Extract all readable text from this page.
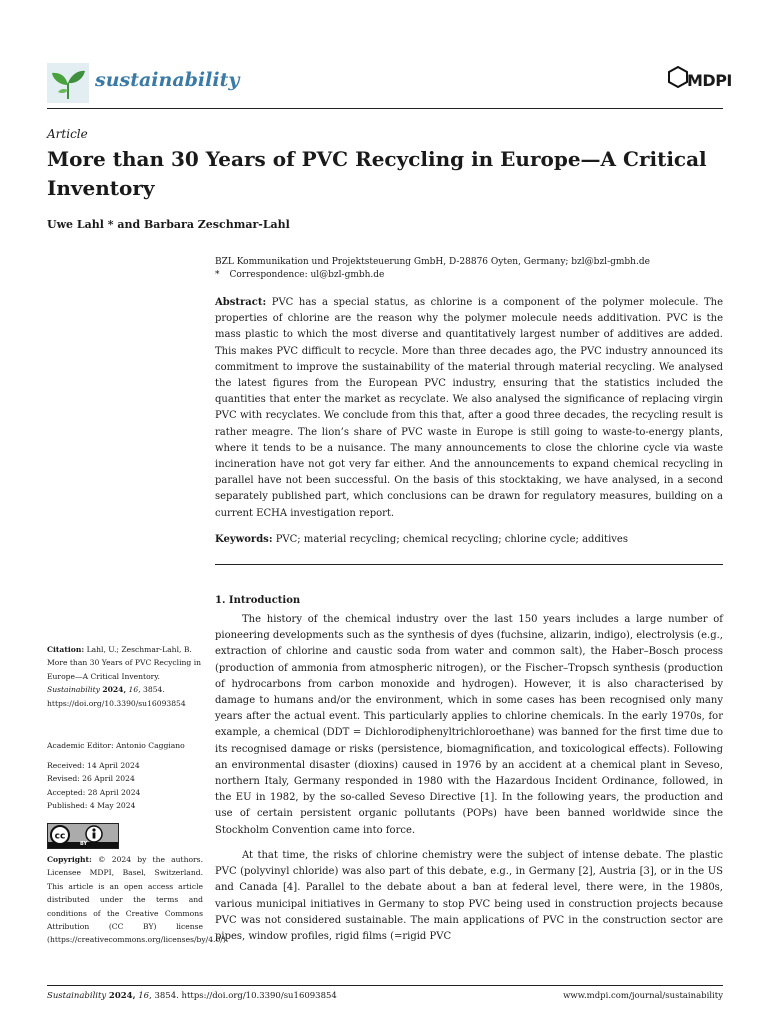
sustainability	MDPI
Article
More than 30 Years of PVC Recycling in Europe—A Critical Inventory
Uwe Lahl * and Barbara Zeschmar-Lahl
BZL Kommunikation und Projektsteuerung GmbH, D-28876 Oyten, Germany; bzl@bzl-gmbh.de
* Correspondence: ul@bzl-gmbh.de
Abstract: PVC has a special status, as chlorine is a component of the polymer molecule. The properties of chlorine are the reason why the polymer molecule needs additivation. PVC is the mass plastic to which the most diverse and quantitatively largest number of additives are added. This makes PVC difficult to recycle. More than three decades ago, the PVC industry announced its commitment to improve the sustainability of the material through material recycling. We analysed the latest figures from the European PVC industry, ensuring that the statistics included the quantities that enter the market as recyclate. We also analysed the significance of replacing virgin PVC with recyclates. We conclude from this that, after a good three decades, the recycling result is rather meagre. The lion’s share of PVC waste in Europe is still going to waste-to-energy plants, where it tends to be a nuisance. The many announcements to close the chlorine cycle via waste incineration have not got very far either. And the announcements to expand chemical recycling in parallel have not been successful. On the basis of this stocktaking, we have analysed, in a second separately published part, which conclusions can be drawn for regulatory measures, building on a current ECHA investigation report.
Keywords: PVC; material recycling; chemical recycling; chlorine cycle; additives
1. Introduction
The history of the chemical industry over the last 150 years includes a large number of pioneering developments such as the synthesis of dyes (fuchsine, alizarin, indigo), electrolysis (e.g., extraction of chlorine and caustic soda from water and common salt), the Haber–Bosch process (production of ammonia from atmospheric nitrogen), or the Fischer–Tropsch synthesis (production of hydrocarbons from carbon monoxide and hydrogen). However, it is also characterised by damage to humans and/or the environment, which in some cases has been recognised only many years after the actual event. This particularly applies to chlorine chemicals. In the early 1970s, for example, a chemical (DDT = Dichlorodiphenyltrichloroethane) was banned for the first time due to its recognised damage or risks (persistence, biomagnification, and toxicological effects). Following an environmental disaster (dioxins) caused in 1976 by an accident at a chemical plant in Seveso, northern Italy, Germany responded in 1980 with the Hazardous Incident Ordinance, followed, in the EU in 1982, by the so-called Seveso Directive [1]. In the following years, the production and use of certain persistent organic pollutants (POPs) have been banned worldwide since the Stockholm Convention came into force.
At that time, the risks of chlorine chemistry were the subject of intense debate. The plastic PVC (polyvinyl chloride) was also part of this debate, e.g., in Germany [2], Austria [3], or in the US and Canada [4]. Parallel to the debate about a ban at federal level, there were, in the 1980s, various municipal initiatives in Germany to stop PVC being used in construction projects because PVC was not considered sustainable. The main applications of PVC in the construction sector are pipes, window profiles, rigid films (=rigid PVC
Citation: Lahl, U.; Zeschmar-Lahl, B. More than 30 Years of PVC Recycling in Europe—A Critical Inventory. Sustainability 2024, 16, 3854. https://doi.org/10.3390/su16093854
Academic Editor: Antonio Caggiano
Received: 14 April 2024
Revised: 26 April 2024
Accepted: 28 April 2024
Published: 4 May 2024
cc
BY
Copyright: © 2024 by the authors. Licensee MDPI, Basel, Switzerland. This article is an open access article distributed under the terms and conditions of the Creative Commons Attribution (CC BY) license (https://creativecommons.org/licenses/by/4.0/).
Sustainability 2024, 16, 3854. https://doi.org/10.3390/su16093854	www.mdpi.com/journal/sustainability
